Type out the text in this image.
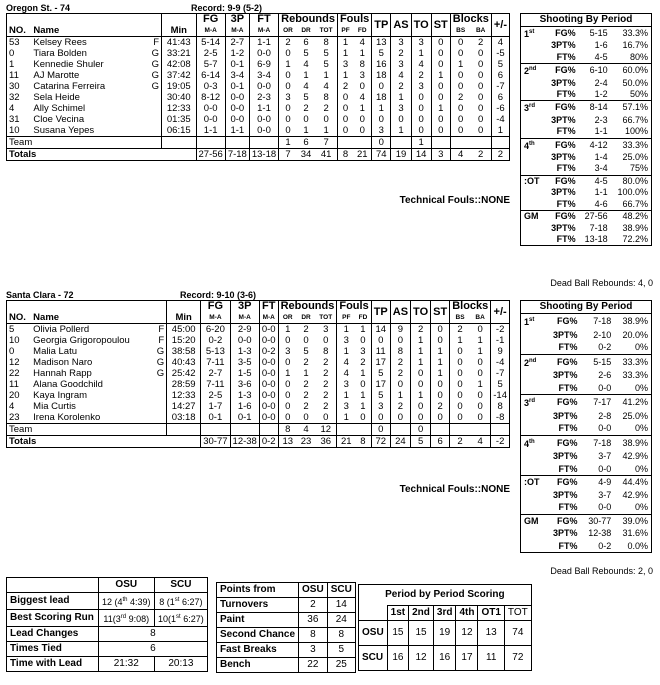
Oregon St. - 74	Record: 9-9 (5-2)
NO.	Name	Min	FG	3P	FT	Rebounds			Fouls		TP	AS	TO	ST	Blocks		+/-
			M-A	M-A	M-A	OR	DR	TOT	PF	FD					BS	BA	
53	Kelsey Rees F	41:43	5-14	2-7	1-1	2	6	8	1	4	13	3	3	0	0	2	4
0	Tiara Bolden G	33:21	2-5	1-2	0-0	0	5	5	1	1	5	2	1	0	0	0	-5
1	Kennedie Shuler G	42:08	5-7	0-1	6-9	1	4	5	3	8	16	3	4	0	1	0	5
11	AJ Marotte G	37:42	6-14	3-4	3-4	0	1	1	1	3	18	4	2	1	0	0	6
30	Catarina Ferreira G	19:05	0-3	0-1	0-0	0	4	4	2	0	0	2	3	0	0	0	-7
32	Sela Heide	30:40	8-12	0-0	2-3	3	5	8	0	4	18	1	0	0	2	0	6
4	Ally Schimel	12:33	0-0	0-0	1-1	0	2	2	0	1	1	3	0	1	0	0	-6
31	Cloe Vecina	01:35	0-0	0-0	0-0	0	0	0	0	0	0	0	0	0	0	0	-4
10	Susana Yepes	06:15	1-1	1-1	0-0	0	1	1	0	0	3	1	0	0	0	0	1
Team						1	6	7			0		1				
Totals			27-56	7-18	13-18	7	34	41	8	21	74	19	14	3	4	2	2
Technical Fouls::NONE
Shooting By Period			
1st	FG%	5-15	33.3%
	3PT%	1-6	16.7%
	FT%	4-5	80%
2nd	FG%	6-10	60.0%
	3PT%	2-4	50.0%
	FT%	1-2	50%
3rd	FG%	8-14	57.1%
	3PT%	2-3	66.7%
	FT%	1-1	100%
4th	FG%	4-12	33.3%
	3PT%	1-4	25.0%
	FT%	3-4	75%
:OT	FG%	4-5	80.0%
	3PT%	1-1	100.0%
	FT%	4-6	66.7%
GM	FG%	27-56	48.2%
	3PT%	7-18	38.9%
	FT%	13-18	72.2%
Dead Ball Rebounds: 4, 0
Santa Clara - 72	Record: 9-10 (3-6)
NO.	Name	Min	FG	3P	FT	Rebounds			Fouls		TP	AS	TO	ST	Blocks		+/-
			M-A	M-A	M-A	OR	DR	TOT	PF	FD					BS	BA	
5	Olivia Pollerd F	45:00	6-20	2-9	0-0	1	2	3	1	1	14	9	2	0	2	0	-2
10	Georgia Grigoropoulou F	15:20	0-2	0-0	0-0	0	0	0	3	0	0	0	1	0	1	1	-1
0	Malia Latu G	38:58	5-13	1-3	0-2	3	5	8	1	3	11	8	1	1	0	1	9
12	Madison Naro G	40:43	7-11	3-5	0-0	0	2	2	4	2	17	2	1	1	0	0	-4
22	Hannah Rapp G	25:42	2-7	1-5	0-0	1	1	2	4	1	5	2	0	1	0	0	-7
11	Alana Goodchild	28:59	7-11	3-6	0-0	0	2	2	3	0	17	0	0	0	0	1	5
20	Kaya Ingram	12:33	2-5	1-3	0-0	0	2	2	1	1	5	1	1	0	0	0	-14
4	Mia Curtis	14:27	1-7	1-6	0-0	0	2	2	3	1	3	2	0	2	0	0	8
23	Irena Korolenko	03:18	0-1	0-1	0-0	0	0	0	1	0	0	0	0	0	0	0	-8
Team						8	4	12			0		0				
Totals			30-77	12-38	0-2	13	23	36	21	8	72	24	5	6	2	4	-2
Technical Fouls::NONE
Shooting By Period			
1st	FG%	7-18	38.9%
	3PT%	2-10	20.0%
	FT%	0-2	0%
2nd	FG%	5-15	33.3%
	3PT%	2-6	33.3%
	FT%	0-0	0%
3rd	FG%	7-17	41.2%
	3PT%	2-8	25.0%
	FT%	0-0	0%
4th	FG%	7-18	38.9%
	3PT%	3-7	42.9%
	FT%	0-0	0%
:OT	FG%	4-9	44.4%
	3PT%	3-7	42.9%
	FT%	0-0	0%
GM	FG%	30-77	39.0%
	3PT%	12-38	31.6%
	FT%	0-2	0.0%
Dead Ball Rebounds: 2, 0
	OSU	SCU
Biggest lead	12 (4th 4:39)	8 (1st 6:27)
Best Scoring Run	11(3rd 9:08)	10(1st 6:27)
Lead Changes	8	
Times Tied	6	
Time with Lead	21:32	20:13
Points from	OSU	SCU
Turnovers	2	14
Paint	36	24
Second Chance	8	8
Fast Breaks	3	5
Bench	22	25
Period by Period Scoring						
	1st	2nd	3rd	4th	OT1	TOT
OSU	15	15	19	12	13	74
SCU	16	12	16	17	11	72
